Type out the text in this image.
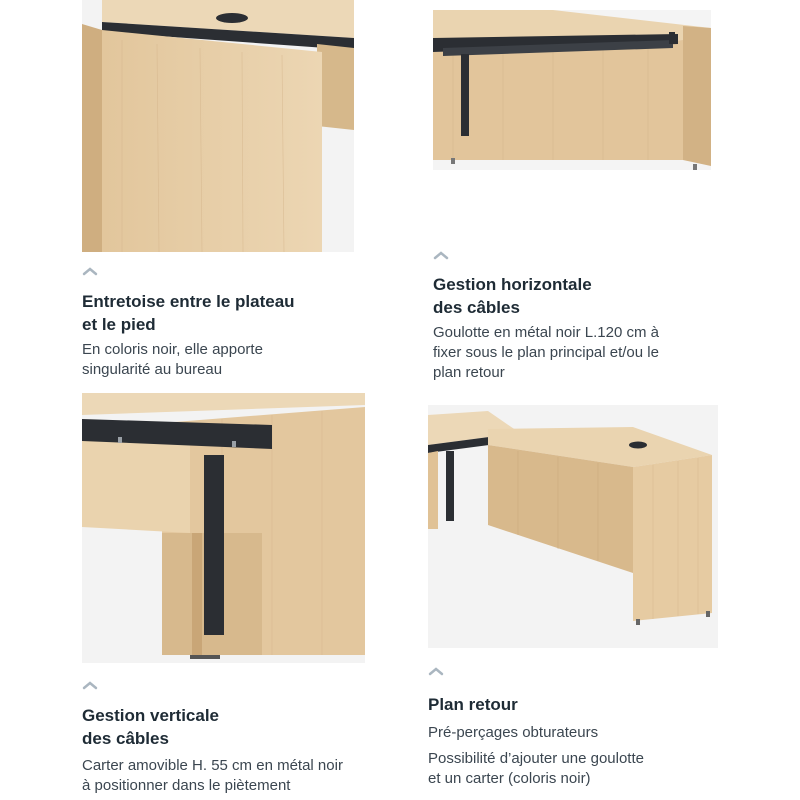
Entretoise entre le plateau
et le pied
En coloris noir, elle apporte
singularité au bureau
Gestion horizontale
des câbles
Goulotte en métal noir L.120 cm à
fixer sous le plan principal et/ou le
plan retour
Gestion verticale
des câbles
Carter amovible H. 55 cm en métal noir
à positionner dans le piètement
Plan retour
Pré-perçages obturateurs
Possibilité d’ajouter une goulotte
et un carter (coloris noir)
